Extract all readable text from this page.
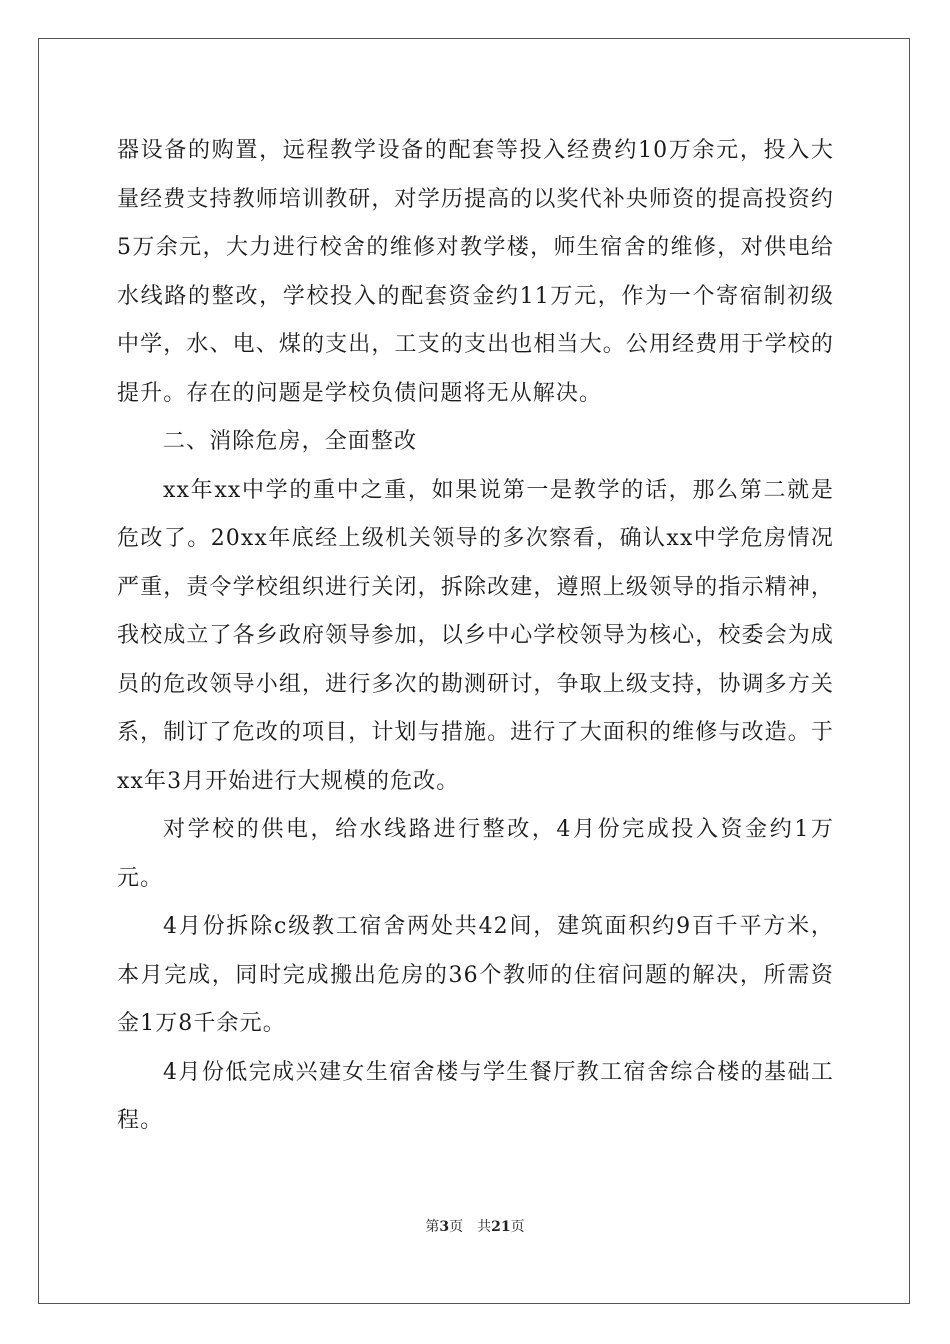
器设备的购置，远程教学设备的配套等投入经费约10万余元，投入大量经费支持教师培训教研，对学历提高的以奖代补央师资的提高投资约5万余元，大力进行校舍的维修对教学楼，师生宿舍的维修，对供电给水线路的整改，学校投入的配套资金约11万元，作为一个寄宿制初级中学，水、电、煤的支出，工支的支出也相当大。公用经费用于学校的提升。存在的问题是学校负债问题将无从解决。

二、消除危房，全面整改

xx年xx中学的重中之重，如果说第一是教学的话，那么第二就是危改了。20xx年底经上级机关领导的多次察看，确认xx中学危房情况严重，责令学校组织进行关闭，拆除改建，遵照上级领导的指示精神，我校成立了各乡政府领导参加，以乡中心学校领导为核心，校委会为成员的危改领导小组，进行多次的勘测研讨，争取上级支持，协调多方关系，制订了危改的项目，计划与措施。进行了大面积的维修与改造。于xx年3月开始进行大规模的危改。

对学校的供电，给水线路进行整改，4月份完成投入资金约1万元。

4月份拆除c级教工宿舍两处共42间，建筑面积约9百千平方米，本月完成，同时完成搬出危房的36个教师的住宿问题的解决，所需资金1万8千余元。

4月份低完成兴建女生宿舍楼与学生餐厅教工宿舍综合楼的基础工程。

第3页 共21页
